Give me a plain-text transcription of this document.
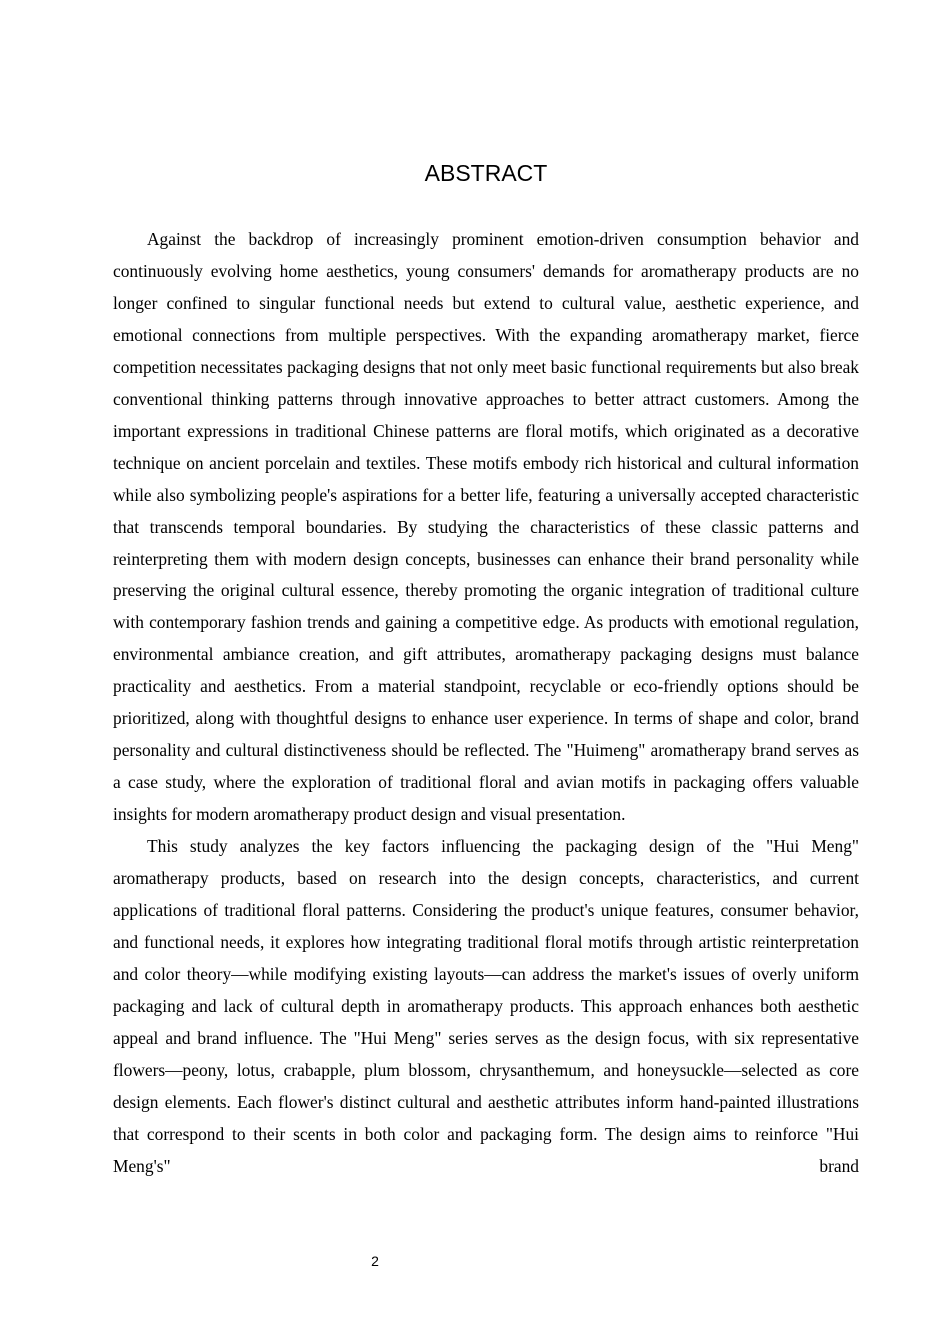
ABSTRACT

Against the backdrop of increasingly prominent emotion-driven consumption behavior and continuously evolving home aesthetics, young consumers' demands for aromatherapy products are no longer confined to singular functional needs but extend to cultural value, aesthetic experience, and emotional connections from multiple perspectives. With the expanding aromatherapy market, fierce competition necessitates packaging designs that not only meet basic functional requirements but also break conventional thinking patterns through innovative approaches to better attract customers. Among the important expressions in traditional Chinese patterns are floral motifs, which originated as a decorative technique on ancient porcelain and textiles. These motifs embody rich historical and cultural information while also symbolizing people's aspirations for a better life, featuring a universally accepted characteristic that transcends temporal boundaries. By studying the characteristics of these classic patterns and reinterpreting them with modern design concepts, businesses can enhance their brand personality while preserving the original cultural essence, thereby promoting the organic integration of traditional culture with contemporary fashion trends and gaining a competitive edge. As products with emotional regulation, environmental ambiance creation, and gift attributes, aromatherapy packaging designs must balance practicality and aesthetics. From a material standpoint, recyclable or eco-friendly options should be prioritized, along with thoughtful designs to enhance user experience. In terms of shape and color, brand personality and cultural distinctiveness should be reflected. The "Huimeng" aromatherapy brand serves as a case study, where the exploration of traditional floral and avian motifs in packaging offers valuable insights for modern aromatherapy product design and visual presentation.

This study analyzes the key factors influencing the packaging design of the "Hui Meng" aromatherapy products, based on research into the design concepts, characteristics, and current applications of traditional floral patterns. Considering the product's unique features, consumer behavior, and functional needs, it explores how integrating traditional floral motifs through artistic reinterpretation and color theory—while modifying existing layouts—can address the market's issues of overly uniform packaging and lack of cultural depth in aromatherapy products. This approach enhances both aesthetic appeal and brand influence. The "Hui Meng" series serves as the design focus, with six representative flowers—peony, lotus, crabapple, plum blossom, chrysanthemum, and honeysuckle—selected as core design elements. Each flower's distinct cultural and aesthetic attributes inform hand-painted illustrations that correspond to their scents in both color and packaging form. The design aims to reinforce "Hui Meng's" brand

2
